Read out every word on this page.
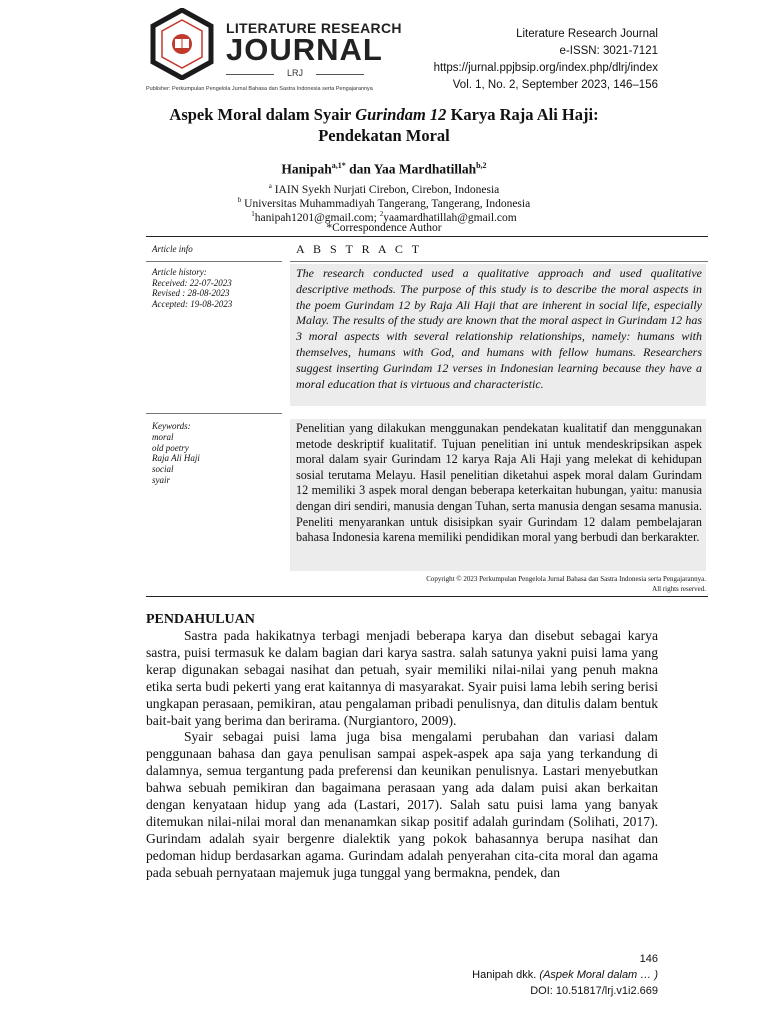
LITERATURE RESEARCH
JOURNAL
LRJ
Publisher: Perkumpulan Pengelola Jurnal Bahasa dan Sastra Indonesia serta Pengajarannya
Literature Research Journal
e-ISSN: 3021-7121
https://jurnal.ppjbsip.org/index.php/dlrj/index
Vol. 1, No. 2, September 2023, 146–156
Aspek Moral dalam Syair Gurindam 12 Karya Raja Ali Haji:
Pendekatan Moral
Hanipah$^{a,1*}$ dan Yaa Mardhatillah$^{b,2}$
$^a$ IAIN Syekh Nurjati Cirebon, Cirebon, Indonesia
$^b$ Universitas Muhammadiyah Tangerang, Tangerang, Indonesia
$^1$hanipah1201@gmail.com; $^2$yaamardhatillah@gmail.com
*Correspondence Author
Article info	A B S T R A C T
Article history:
Received: 22-07-2023
Revised : 28-08-2023
Accepted: 19-08-2023
Keywords:
moral
old poetry
Raja Ali Haji
social
syair

The research conducted used a qualitative approach and used qualitative descriptive methods. The purpose of this study is to describe the moral aspects in the poem Gurindam 12 by Raja Ali Haji that are inherent in social life, especially Malay. The results of the study are known that the moral aspect in Gurindam 12 has 3 moral aspects with several relationship relationships, namely: humans with themselves, humans with God, and humans with fellow humans. Researchers suggest inserting Gurindam 12 verses in Indonesian learning because they have a moral education that is virtuous and characteristic.

Penelitian yang dilakukan menggunakan pendekatan kualitatif dan menggunakan metode deskriptif kualitatif. Tujuan penelitian ini untuk mendeskripsikan aspek moral dalam syair Gurindam 12 karya Raja Ali Haji yang melekat di kehidupan sosial terutama Melayu. Hasil penelitian diketahui aspek moral dalam Gurindam 12 memiliki 3 aspek moral dengan beberapa keterkaitan hubungan, yaitu: manusia dengan diri sendiri, manusia dengan Tuhan, serta manusia dengan sesama manusia. Peneliti menyarankan untuk disisipkan syair Gurindam 12 dalam pembelajaran bahasa Indonesia karena memiliki pendidikan moral yang berbudi dan berkarakter.

Copyright © 2023 Perkumpulan Pengelola Jurnal Bahasa dan Sastra Indonesia serta Pengajarannya.
All rights reserved.
PENDAHULUAN

Sastra pada hakikatnya terbagi menjadi beberapa karya dan disebut sebagai karya sastra, puisi termasuk ke dalam bagian dari karya sastra. salah satunya yakni puisi lama yang kerap digunakan sebagai nasihat dan petuah, syair memiliki nilai-nilai yang penuh makna etika serta budi pekerti yang erat kaitannya di masyarakat. Syair puisi lama lebih sering berisi ungkapan perasaan, pemikiran, atau pengalaman pribadi penulisnya, dan ditulis dalam bentuk bait-bait yang berima dan berirama. (Nurgiantoro, 2009).

Syair sebagai puisi lama juga bisa mengalami perubahan dan variasi dalam penggunaan bahasa dan gaya penulisan sampai aspek-aspek apa saja yang terkandung di dalamnya, semua tergantung pada preferensi dan keunikan penulisnya. Lastari menyebutkan bahwa sebuah pemikiran dan bagaimana perasaan yang ada dalam puisi akan berkaitan dengan kenyataan hidup yang ada (Lastari, 2017). Salah satu puisi lama yang banyak ditemukan nilai-nilai moral dan menanamkan sikap positif adalah gurindam (Solihati, 2017). Gurindam adalah syair bergenre dialektik yang pokok bahasannya berupa nasihat dan pedoman hidup berdasarkan agama. Gurindam adalah penyerahan cita-cita moral dan agama pada sebuah pernyataan majemuk juga tunggal yang bermakna, pendek, dan

146
Hanipah dkk. (Aspek Moral dalam … )
DOI: 10.51817/lrj.v1i2.669
